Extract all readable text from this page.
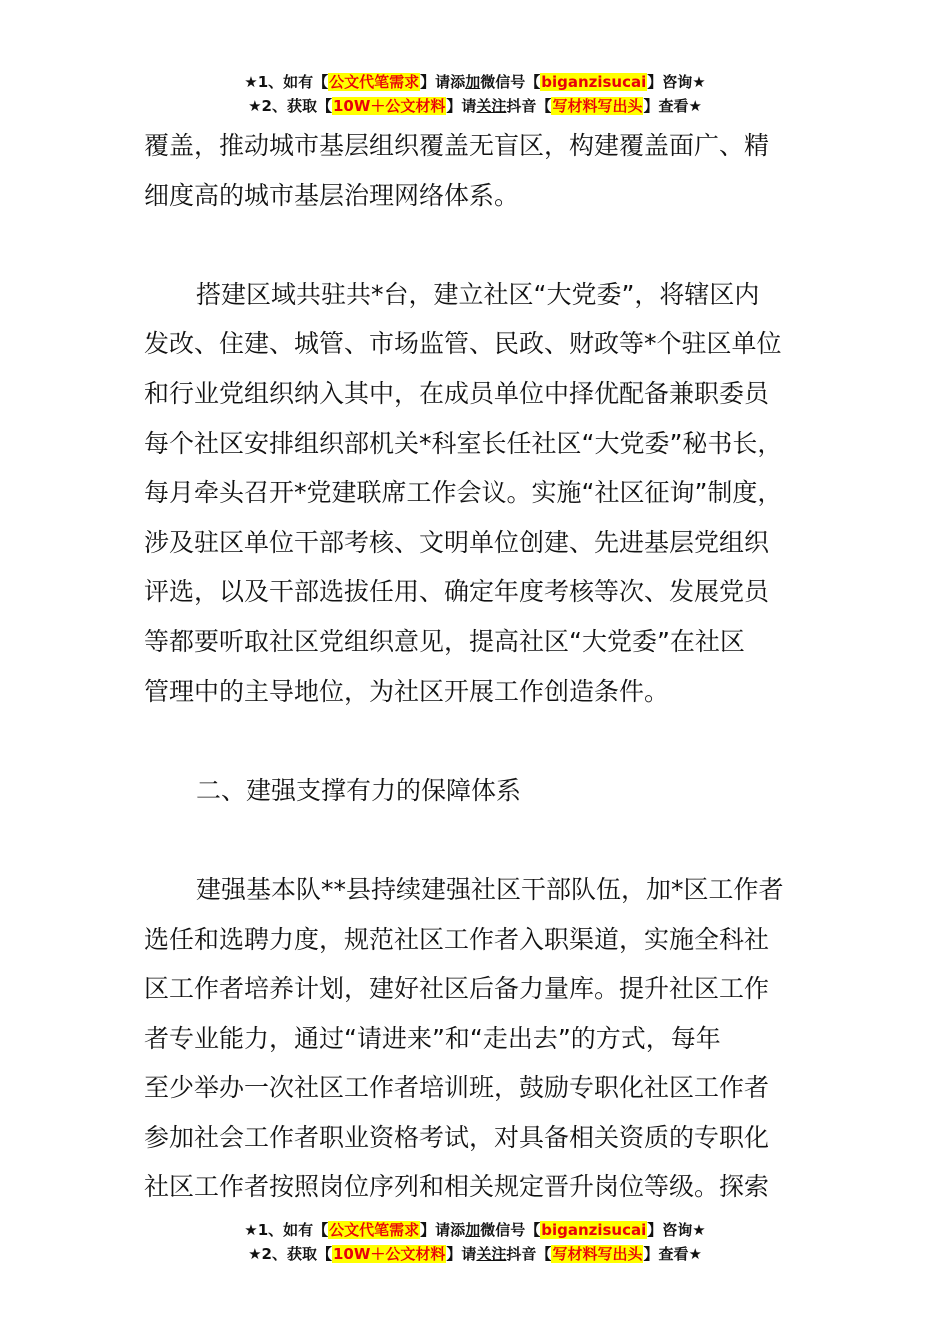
★1、如有【公文代笔需求】请添加微信号【biganzisucai】咨询★
★2、获取【10W＋公文材料】请关注抖音【写材料写出头】查看★

覆盖，推动城市基层组织覆盖无盲区，构建覆盖面广、精
细度高的城市基层治理网络体系。

搭建区域共驻共*台，建立社区“大党委”，将辖区内
发改、住建、城管、市场监管、民政、财政等*个驻区单位
和行业党组织纳入其中，在成员单位中择优配备兼职委员
每个社区安排组织部机关*科室长任社区“大党委”秘书长，
每月牵头召开*党建联席工作会议。实施“社区征询”制度，
涉及驻区单位干部考核、文明单位创建、先进基层党组织
评选，以及干部选拔任用、确定年度考核等次、发展党员
等都要听取社区党组织意见，提高社区“大党委”在社区
管理中的主导地位，为社区开展工作创造条件。

二、建强支撑有力的保障体系

建强基本队**县持续建强社区干部队伍，加*区工作者
选任和选聘力度，规范社区工作者入职渠道，实施全科社
区工作者培养计划，建好社区后备力量库。提升社区工作
者专业能力，通过“请进来”和“走出去”的方式，每年
至少举办一次社区工作者培训班，鼓励专职化社区工作者
参加社会工作者职业资格考试，对具备相关资质的专职化
社区工作者按照岗位序列和相关规定晋升岗位等级。探索

★1、如有【公文代笔需求】请添加微信号【biganzisucai】咨询★
★2、获取【10W＋公文材料】请关注抖音【写材料写出头】查看★
